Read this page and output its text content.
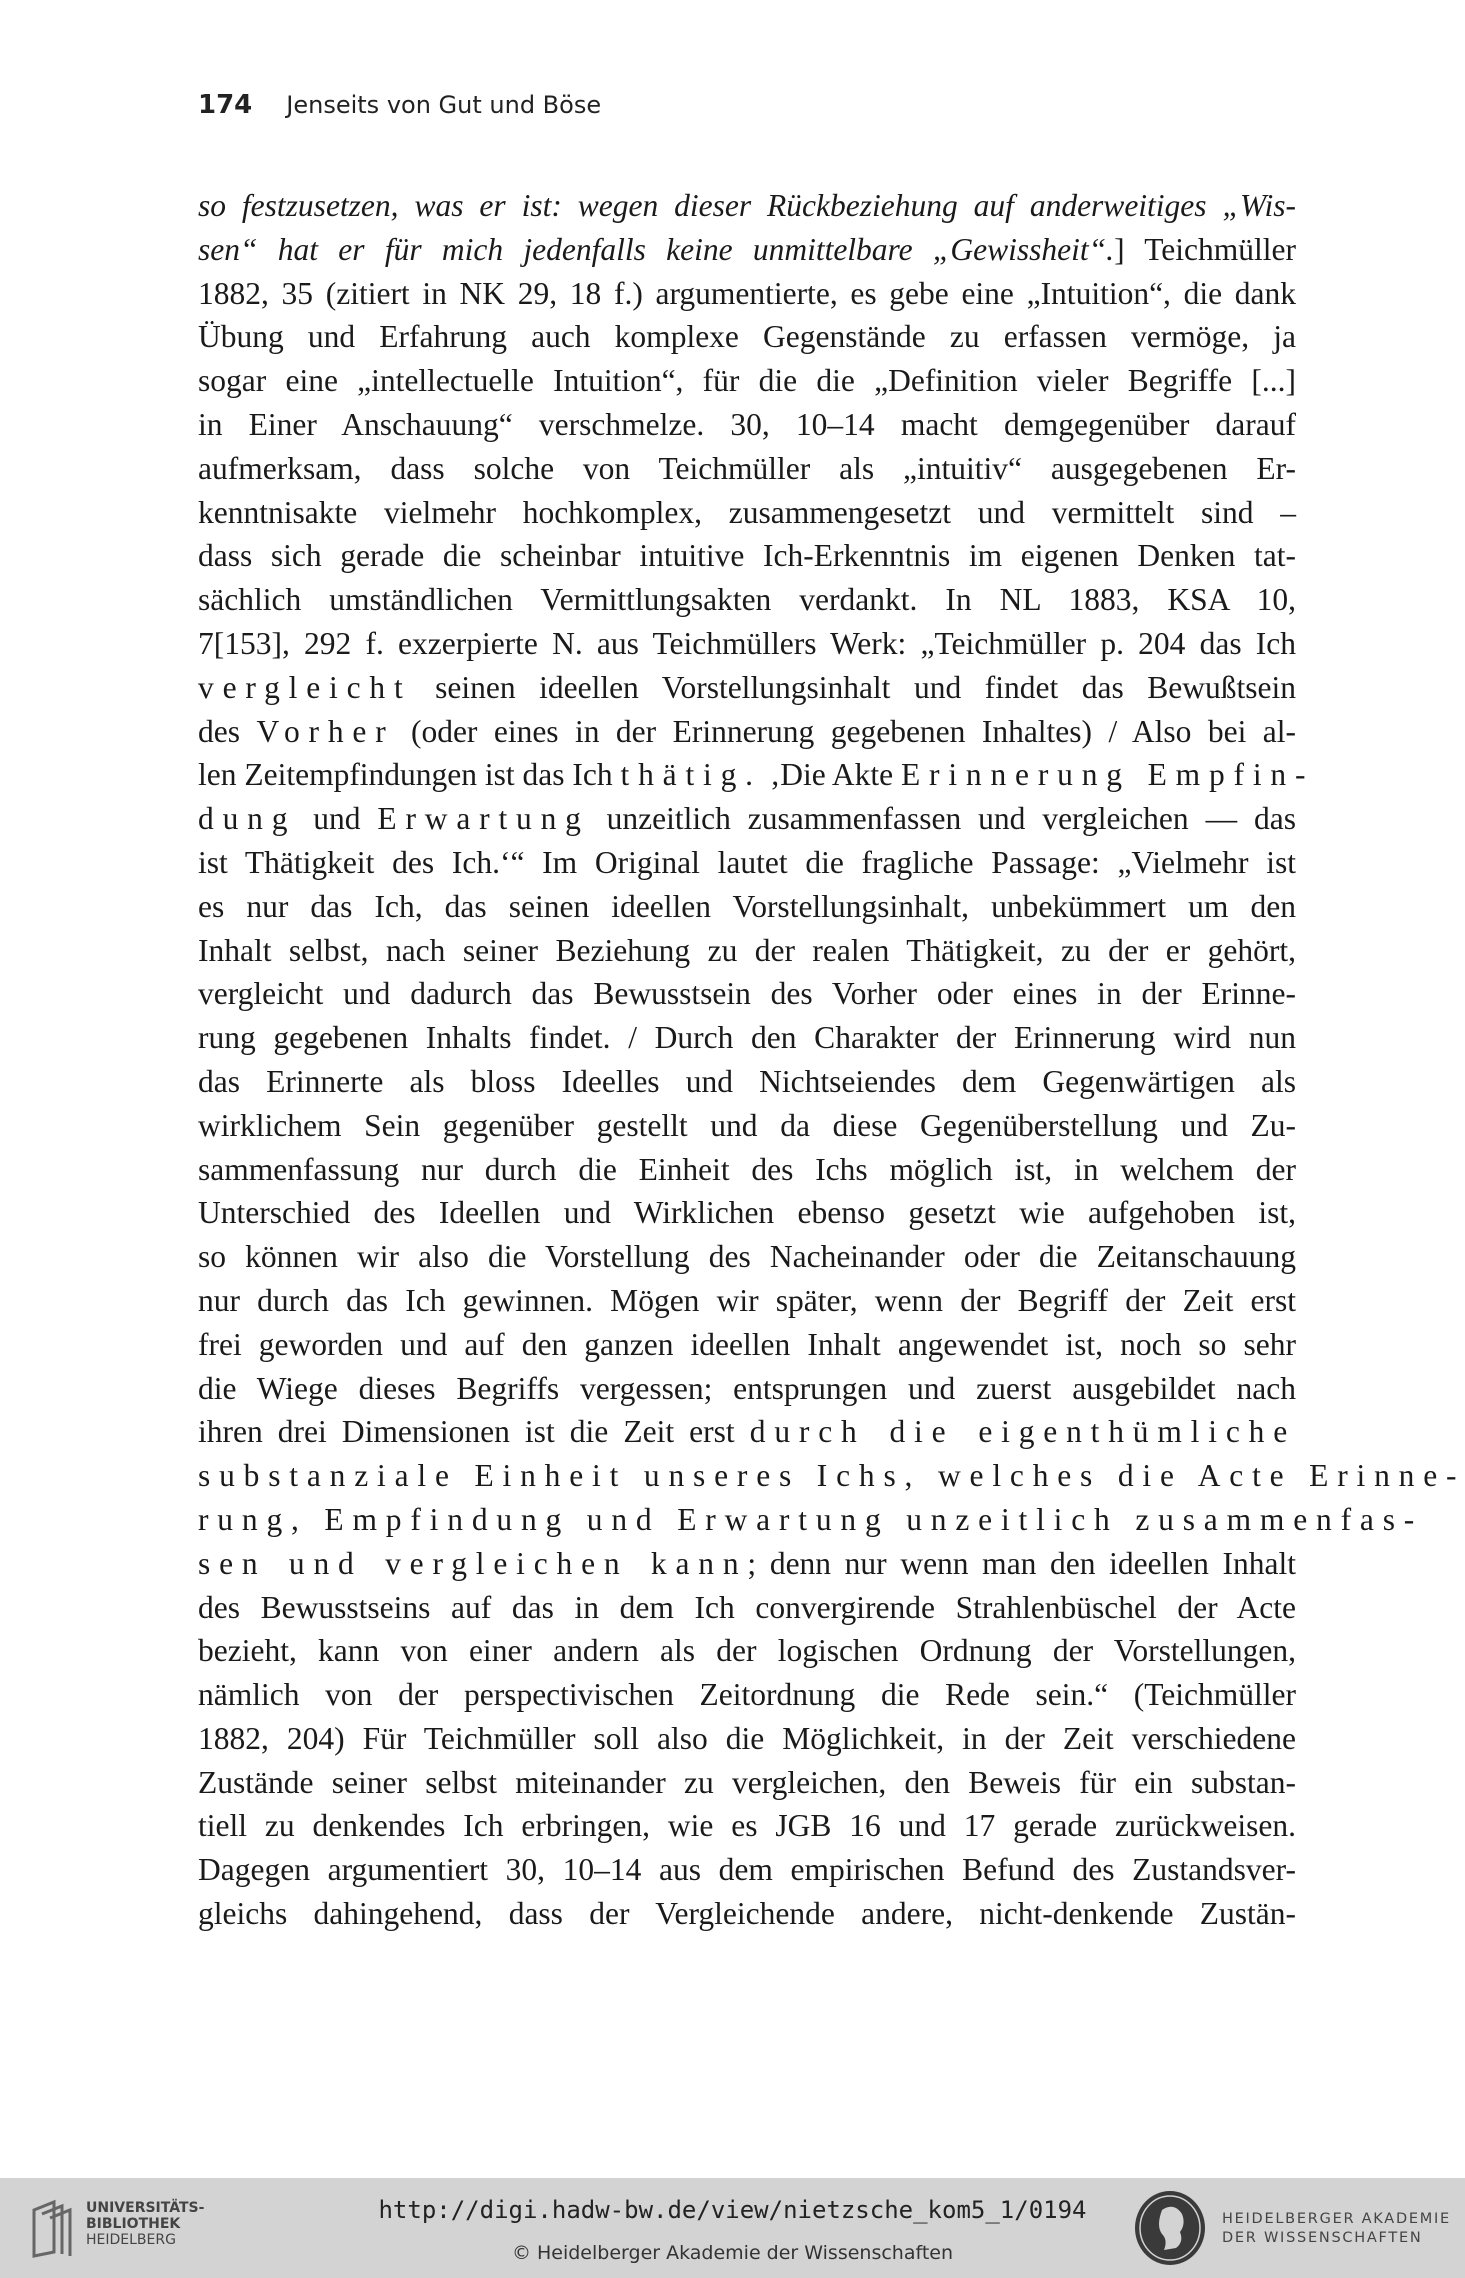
174 Jenseits von Gut und Böse
so festzusetzen, was er ist: wegen dieser Rückbeziehung auf anderweitiges „Wis-
sen“ hat er für mich jedenfalls keine unmittelbare „Gewissheit“.] Teichmüller
1882, 35 (zitiert in NK 29, 18 f.) argumentierte, es gebe eine „Intuition“, die dank
Übung und Erfahrung auch komplexe Gegenstände zu erfassen vermöge, ja
sogar eine „intellectuelle Intuition“, für die die „Definition vieler Begriffe [...]
in Einer Anschauung“ verschmelze. 30, 10–14 macht demgegenüber darauf
aufmerksam, dass solche von Teichmüller als „intuitiv“ ausgegebenen Er-
kenntnisakte vielmehr hochkomplex, zusammengesetzt und vermittelt sind –
dass sich gerade die scheinbar intuitive Ich-Erkenntnis im eigenen Denken tat-
sächlich umständlichen Vermittlungsakten verdankt. In NL 1883, KSA 10,
7[153], 292 f. exzerpierte N. aus Teichmüllers Werk: „Teichmüller p. 204 das Ich
vergleicht seinen ideellen Vorstellungsinhalt und findet das Bewußtsein
des Vorher (oder eines in der Erinnerung gegebenen Inhaltes) / Also bei al-
len Zeitempfindungen ist das Ich thätig. ‚Die Akte Erinnerung Empfin-
dung und Erwartung unzeitlich zusammenfassen und vergleichen — das
ist Thätigkeit des Ich.‘“ Im Original lautet die fragliche Passage: „Vielmehr ist
es nur das Ich, das seinen ideellen Vorstellungsinhalt, unbekümmert um den
Inhalt selbst, nach seiner Beziehung zu der realen Thätigkeit, zu der er gehört,
vergleicht und dadurch das Bewusstsein des Vorher oder eines in der Erinne-
rung gegebenen Inhalts findet. / Durch den Charakter der Erinnerung wird nun
das Erinnerte als bloss Ideelles und Nichtseiendes dem Gegenwärtigen als
wirklichem Sein gegenüber gestellt und da diese Gegenüberstellung und Zu-
sammenfassung nur durch die Einheit des Ichs möglich ist, in welchem der
Unterschied des Ideellen und Wirklichen ebenso gesetzt wie aufgehoben ist,
so können wir also die Vorstellung des Nacheinander oder die Zeitanschauung
nur durch das Ich gewinnen. Mögen wir später, wenn der Begriff der Zeit erst
frei geworden und auf den ganzen ideellen Inhalt angewendet ist, noch so sehr
die Wiege dieses Begriffs vergessen; entsprungen und zuerst ausgebildet nach
ihren drei Dimensionen ist die Zeit erst durch die eigenthümliche
substanziale Einheit unseres Ichs, welches die Acte Erinne-
rung, Empfindung und Erwartung unzeitlich zusammenfas-
sen und vergleichen kann; denn nur wenn man den ideellen Inhalt
des Bewusstseins auf das in dem Ich convergirende Strahlenbüschel der Acte
bezieht, kann von einer andern als der logischen Ordnung der Vorstellungen,
nämlich von der perspectivischen Zeitordnung die Rede sein.“ (Teichmüller
1882, 204) Für Teichmüller soll also die Möglichkeit, in der Zeit verschiedene
Zustände seiner selbst miteinander zu vergleichen, den Beweis für ein substan-
tiell zu denkendes Ich erbringen, wie es JGB 16 und 17 gerade zurückweisen.
Dagegen argumentiert 30, 10–14 aus dem empirischen Befund des Zustandsver-
gleichs dahingehend, dass der Vergleichende andere, nicht-denkende Zustän-
UNIVERSITÄTS-
BIBLIOTHEK
HEIDELBERG
http://digi.hadw-bw.de/view/nietzsche_kom5_1/0194
© Heidelberger Akademie der Wissenschaften
HEIDELBERGER AKADEMIE
DER WISSENSCHAFTEN
